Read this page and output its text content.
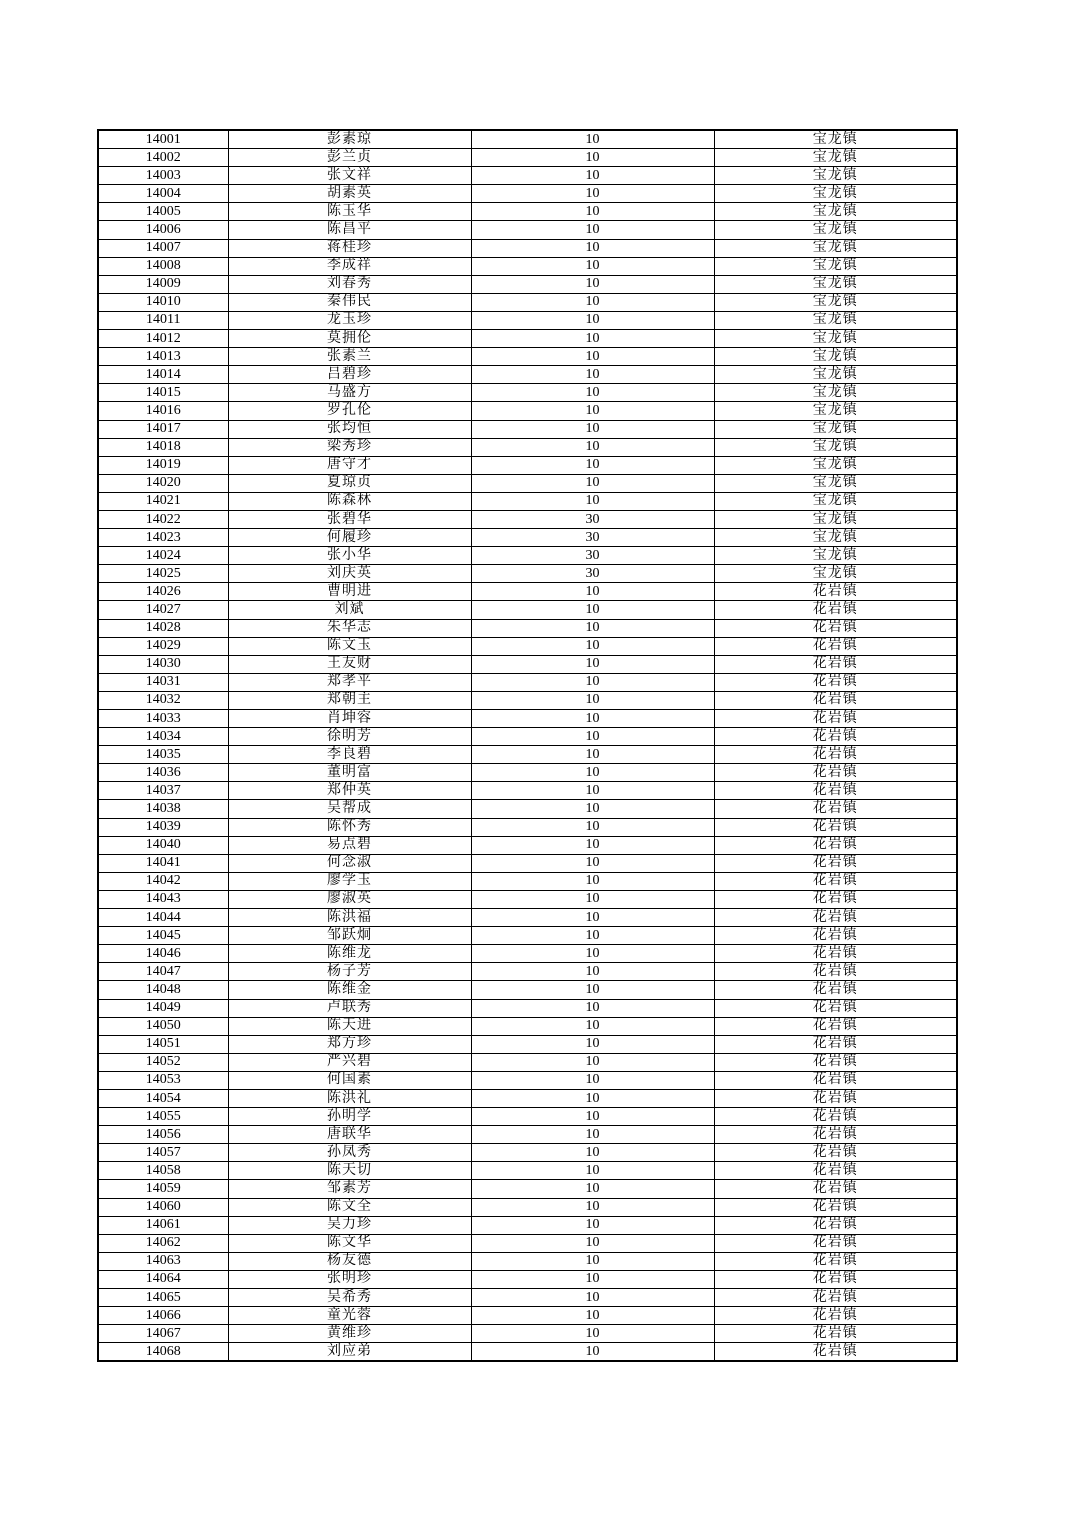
14001	彭素琼	10	宝龙镇
14002	彭兰贞	10	宝龙镇
14003	张文祥	10	宝龙镇
14004	胡素英	10	宝龙镇
14005	陈玉华	10	宝龙镇
14006	陈昌平	10	宝龙镇
14007	蒋桂珍	10	宝龙镇
14008	李成祥	10	宝龙镇
14009	刘春秀	10	宝龙镇
14010	秦伟民	10	宝龙镇
14011	龙玉珍	10	宝龙镇
14012	莫拥伦	10	宝龙镇
14013	张素兰	10	宝龙镇
14014	吕碧珍	10	宝龙镇
14015	马盛方	10	宝龙镇
14016	罗孔伦	10	宝龙镇
14017	张均恒	10	宝龙镇
14018	梁秀珍	10	宝龙镇
14019	唐守才	10	宝龙镇
14020	夏琼贞	10	宝龙镇
14021	陈森林	10	宝龙镇
14022	张碧华	30	宝龙镇
14023	何履珍	30	宝龙镇
14024	张小华	30	宝龙镇
14025	刘庆英	30	宝龙镇
14026	曹明进	10	花岩镇
14027	刘斌	10	花岩镇
14028	朱华志	10	花岩镇
14029	陈文玉	10	花岩镇
14030	王友财	10	花岩镇
14031	郑孝平	10	花岩镇
14032	郑朝主	10	花岩镇
14033	肖坤容	10	花岩镇
14034	徐明芳	10	花岩镇
14035	李良碧	10	花岩镇
14036	董明富	10	花岩镇
14037	郑仲英	10	花岩镇
14038	吴帮成	10	花岩镇
14039	陈怀秀	10	花岩镇
14040	易点碧	10	花岩镇
14041	何念淑	10	花岩镇
14042	廖学玉	10	花岩镇
14043	廖淑英	10	花岩镇
14044	陈洪福	10	花岩镇
14045	邹跃炯	10	花岩镇
14046	陈维龙	10	花岩镇
14047	杨子芳	10	花岩镇
14048	陈维金	10	花岩镇
14049	卢联秀	10	花岩镇
14050	陈天进	10	花岩镇
14051	郑方珍	10	花岩镇
14052	严兴碧	10	花岩镇
14053	何国素	10	花岩镇
14054	陈洪礼	10	花岩镇
14055	孙明学	10	花岩镇
14056	唐联华	10	花岩镇
14057	孙凤秀	10	花岩镇
14058	陈天切	10	花岩镇
14059	邹素芳	10	花岩镇
14060	陈文全	10	花岩镇
14061	吴力珍	10	花岩镇
14062	陈文华	10	花岩镇
14063	杨友德	10	花岩镇
14064	张明珍	10	花岩镇
14065	吴希秀	10	花岩镇
14066	童光蓉	10	花岩镇
14067	黄维珍	10	花岩镇
14068	刘应弟	10	花岩镇
